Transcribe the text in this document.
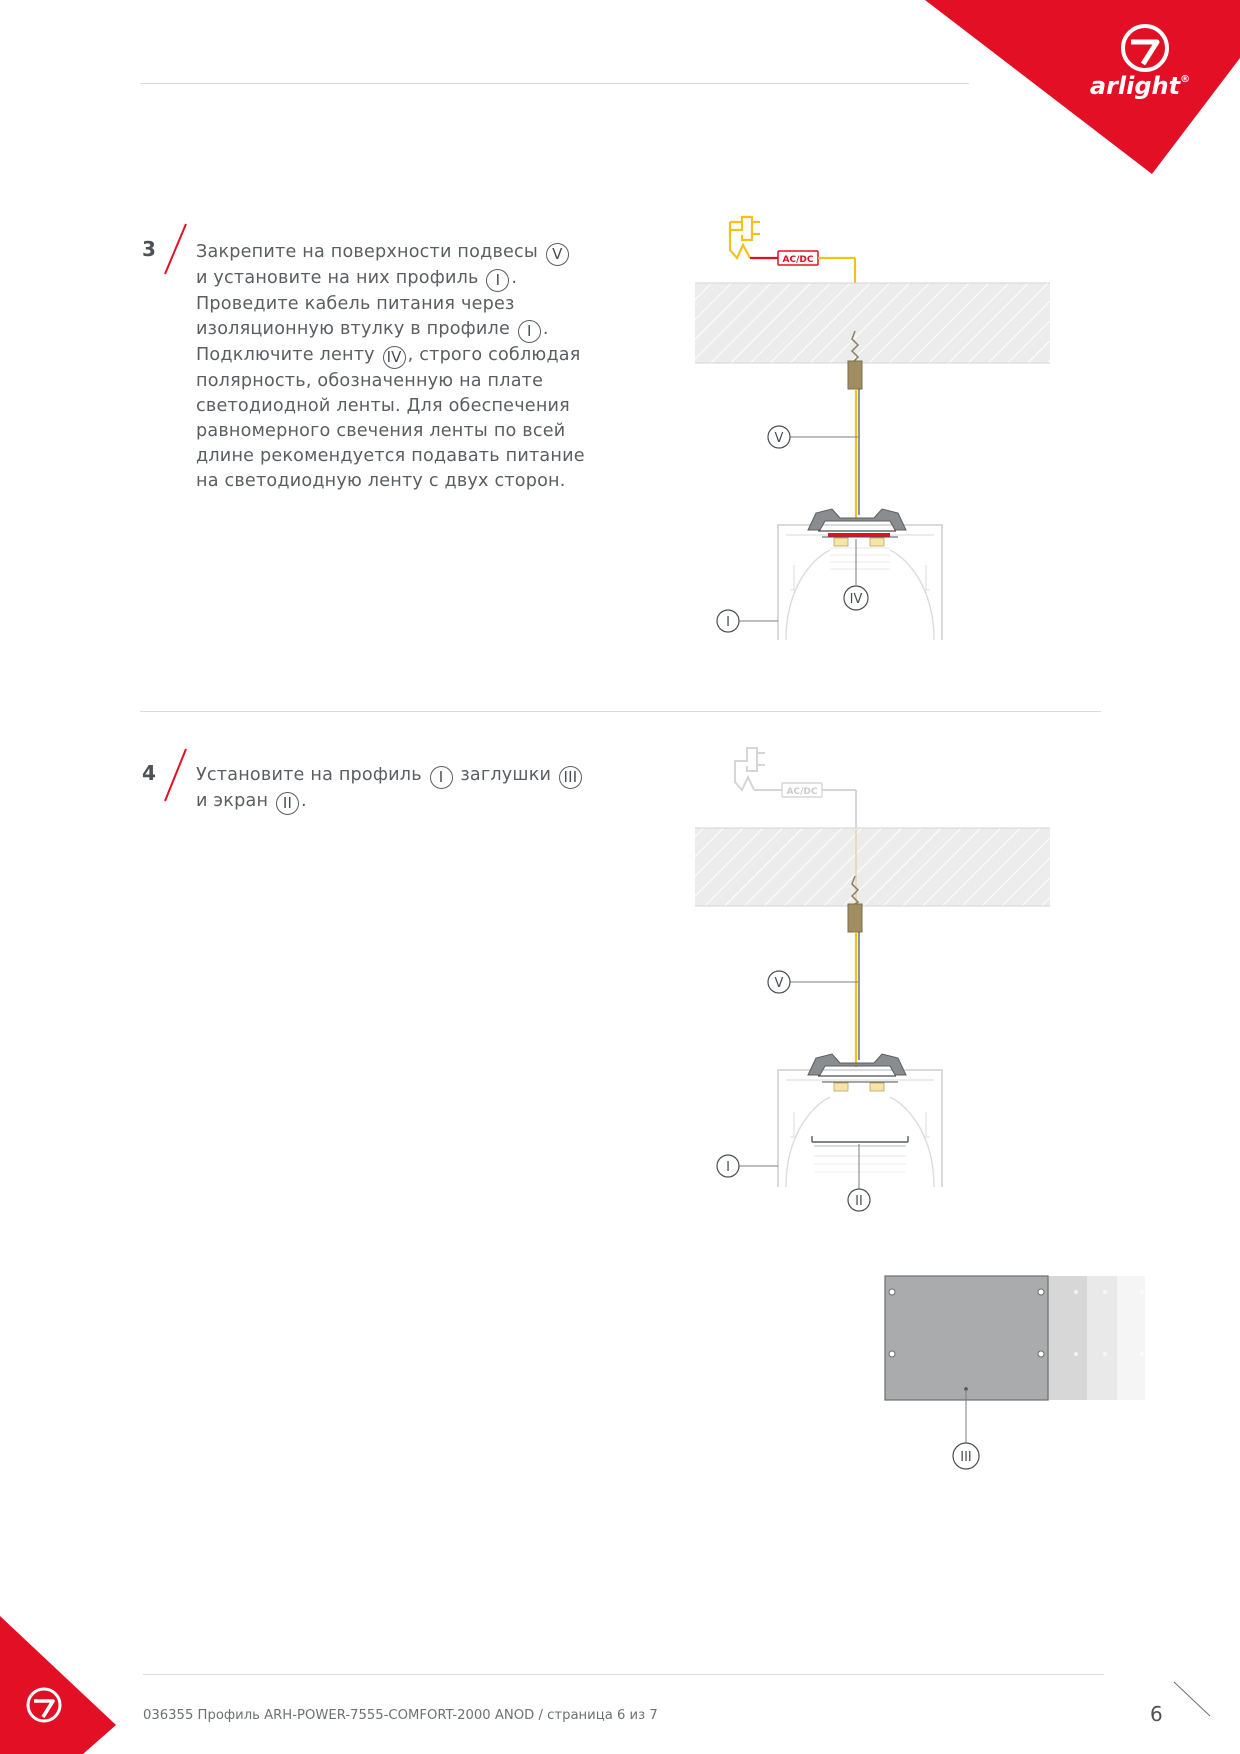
arlight®
3 Закрепите на поверхности подвесы V
и установите на них профиль I .
Проведите кабель питания через
изоляционную втулку в профиле I .
Подключите ленту IV , строго соблюдая
полярность, обозначенную на плате
светодиодной ленты. Для обеспечения
равномерного свечения ленты по всей
длине рекомендуется подавать питание
на светодиодную ленту с двух сторон.
4 Установите на профиль I заглушки III
и экран II .
AC/DC
V
IV
I
AC/DC
V
II
I
III
036355 Профиль ARH-POWER-7555-COMFORT-2000 ANOD / страница 6 из 7	6
